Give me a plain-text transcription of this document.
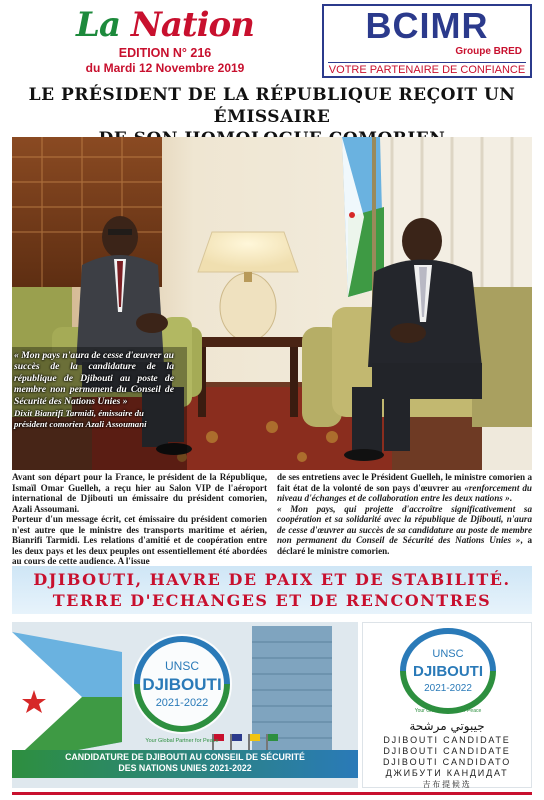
La Nation
EDITION N° 216
du Mardi 12 Novembre 2019
BCIMR
Groupe BRED
VOTRE PARTENAIRE DE CONFIANCE
LE PRÉSIDENT DE LA RÉPUBLIQUE REÇOIT UN ÉMISSAIRE

« Mon pays n'aura de cesse d'œuvrer au succès de la candidature de la république de Djibouti au poste de membre non permanent du Conseil de Sécurité des Nations Unies »
Dixit Bianrifi Tarmidi, émissaire du président comorien Azali Assoumani

Avant son départ pour la France, le président de la République, Ismaïl Omar Guelleh, a reçu hier au Salon VIP de l'aéroport international de Djibouti un émissaire du président comorien, Azali Assoumani.

Porteur d'un message écrit, cet émissaire du président comorien n'est autre que le ministre des transports maritime et aérien, Bianrifi Tarmidi. Les relations d'amitié et de coopération entre les deux pays et les deux peuples ont essentiellement été abordées au cours de cette audience. A l'issue

de ses entretiens avec le Président Guelleh, le ministre comorien a fait état de la volonté de son pays d'œuvrer au «renforcement du niveau d'échanges et de collaboration entre les deux nations ».

« Mon pays, qui projette d'accroître significativement sa coopération et sa solidarité avec la république de Djibouti, n'aura de cesse d'œuvrer au succès de sa candidature au poste de membre non permanent du Conseil de Sécurité des Nations Unies », a déclaré le ministre comorien.

DJIBOUTI, HAVRE DE PAIX ET DE STABILITÉ.
TERRE D'ECHANGES ET DE RENCONTRES
UNSC
DJIBOUTI
2021-2022
Your Global Partner for Peace
CANDIDATURE DE DJIBOUTI AU CONSEIL DE SÉCURITÉ
DES NATIONS UNIES 2021-2022
UNSC
DJIBOUTI
2021-2022
Your Global Partner for Peace
جيبوتي مرشحة
DJIBOUTI CANDIDATE
DJIBOUTI CANDIDATE
DJIBOUTI CANDIDATO
ДЖИБУТИ КАНДИДАТ
吉布提候选
